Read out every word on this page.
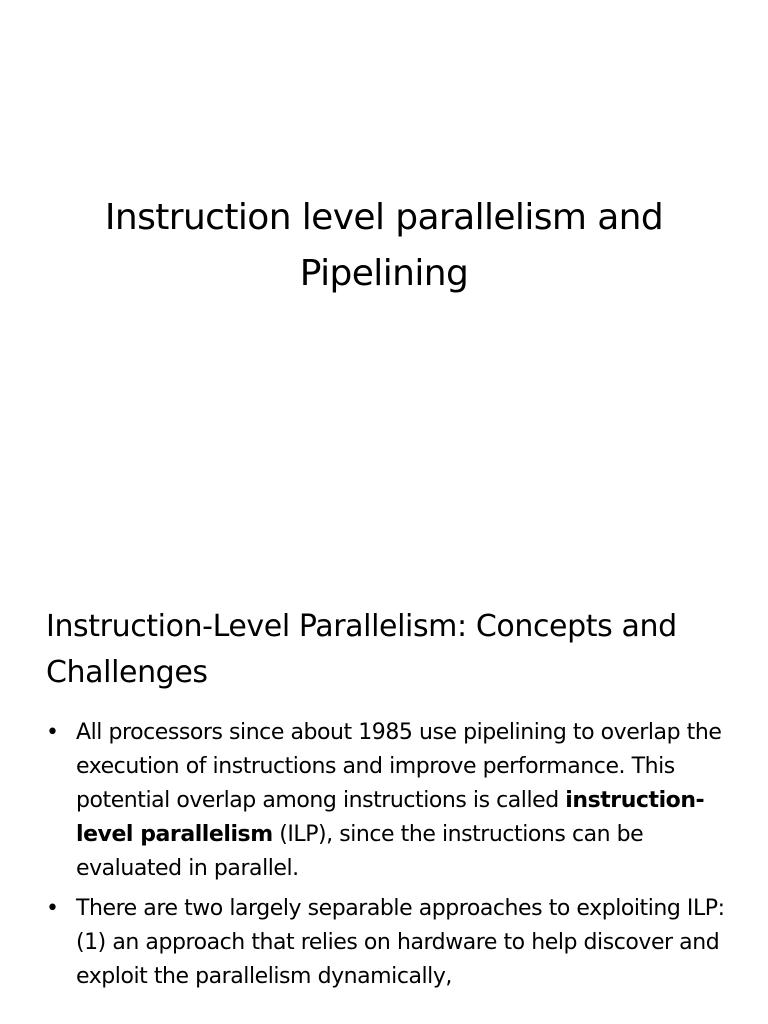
Instruction level parallelism and
Pipelining
Instruction-Level Parallelism: Concepts and Challenges
• All processors since about 1985 use pipelining to overlap the execution of instructions and improve performance. This potential overlap among instructions is called instruction-level parallelism (ILP), since the instructions can be evaluated in parallel.
• There are two largely separable approaches to exploiting ILP: (1) an approach that relies on hardware to help discover and exploit the parallelism dynamically,
